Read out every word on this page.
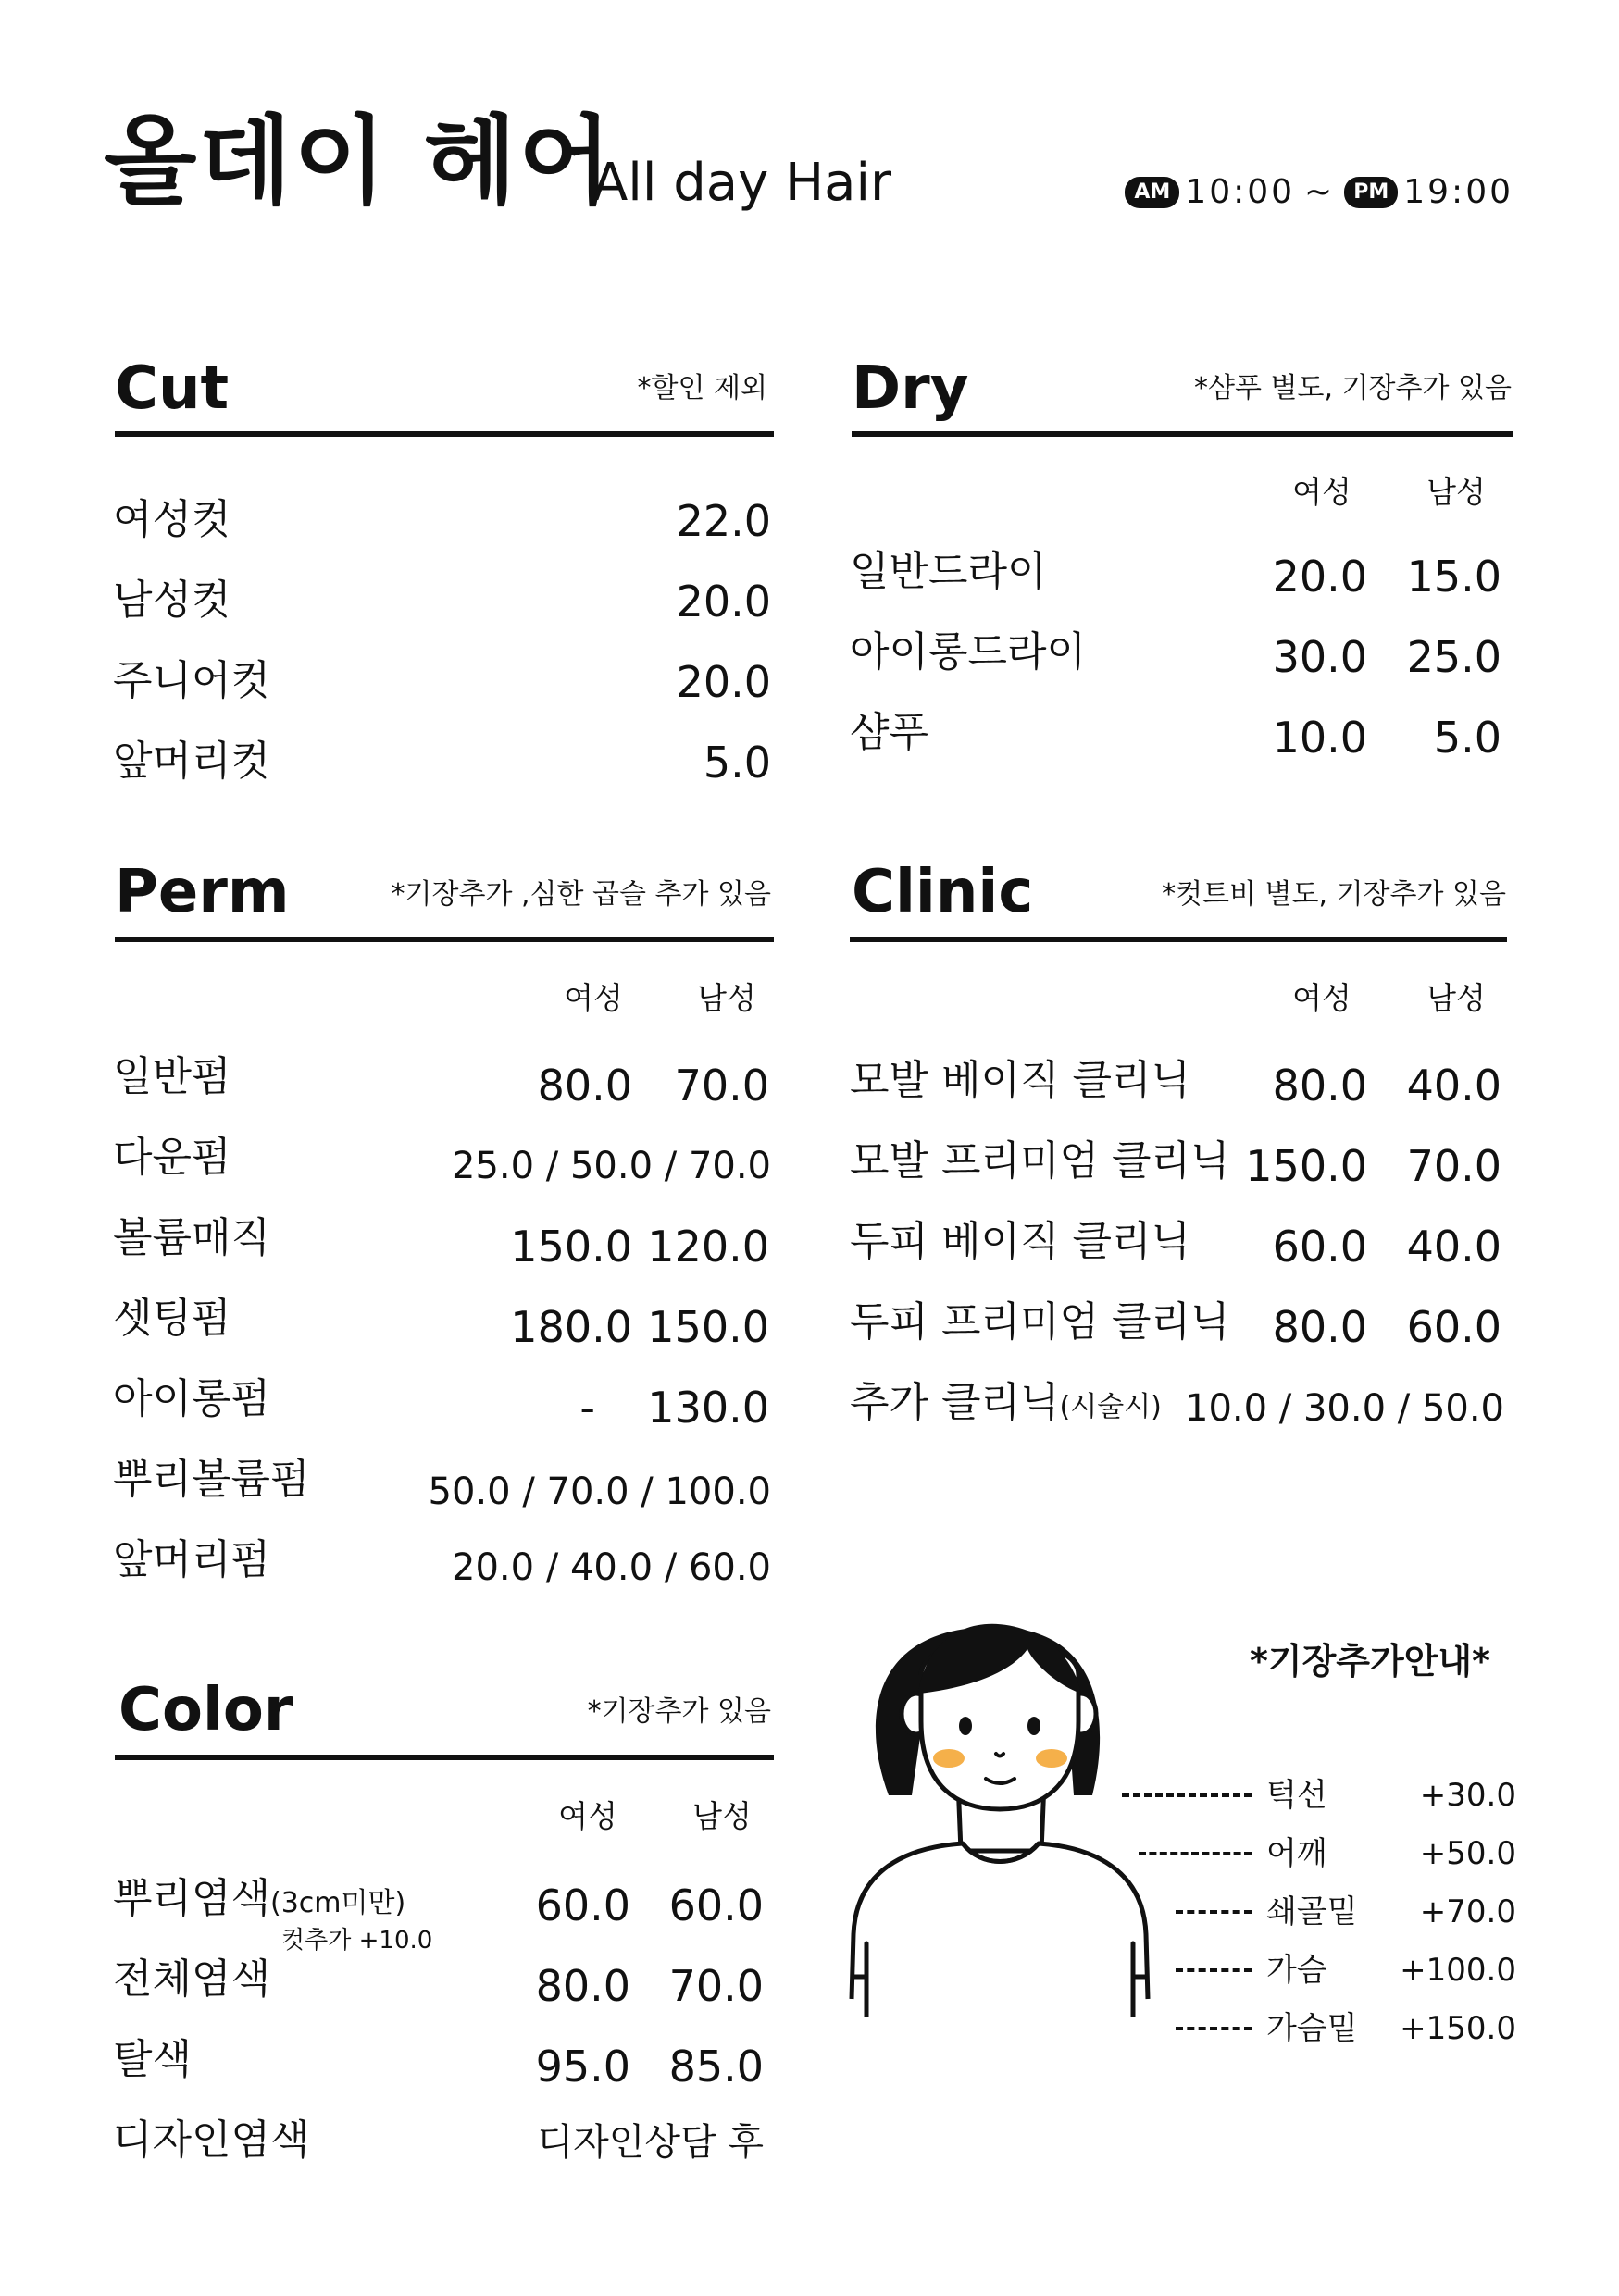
올데이 헤어
All day Hair	AM 10:00 ~ PM 19:00
Cut	*할인 제외
여성컷	22.0
남성컷	20.0
주니어컷	20.0
앞머리컷	5.0
Dry	*샴푸 별도, 기장추가 있음
여성	남성
일반드라이	20.0 15.0
아이롱드라이	30.0 25.0
샴푸	10.0 5.0
Perm	*기장추가 ,심한 곱슬 추가 있음
여성	남성
일반펌	80.0 70.0
다운펌	25.0 / 50.0 / 70.0
볼륨매직	150.0 120.0
셋팅펌	180.0 150.0
아이롱펌	- 130.0
뿌리볼륨펌	50.0 / 70.0 / 100.0
앞머리펌	20.0 / 40.0 / 60.0
Clinic	*컷트비 별도, 기장추가 있음
여성	남성
모발 베이직 클리닉 80.0 40.0
모발 프리미엄 클리닉 150.0 70.0
두피 베이직 클리닉 60.0 40.0
두피 프리미엄 클리닉 80.0 60.0
추가 클리닉(시술시) 10.0 / 30.0 / 50.0
Color	*기장추가 있음
여성	남성
뿌리염색(3cm미만)	60.0 60.0
컷추가 +10.0
전체염색	80.0 70.0
탈색	95.0 85.0
디자인염색	디자인상담 후
*기장추가안내*
턱선	+30.0
어깨	+50.0
쇄골밑	+70.0
가슴	+100.0
가슴밑	+150.0
